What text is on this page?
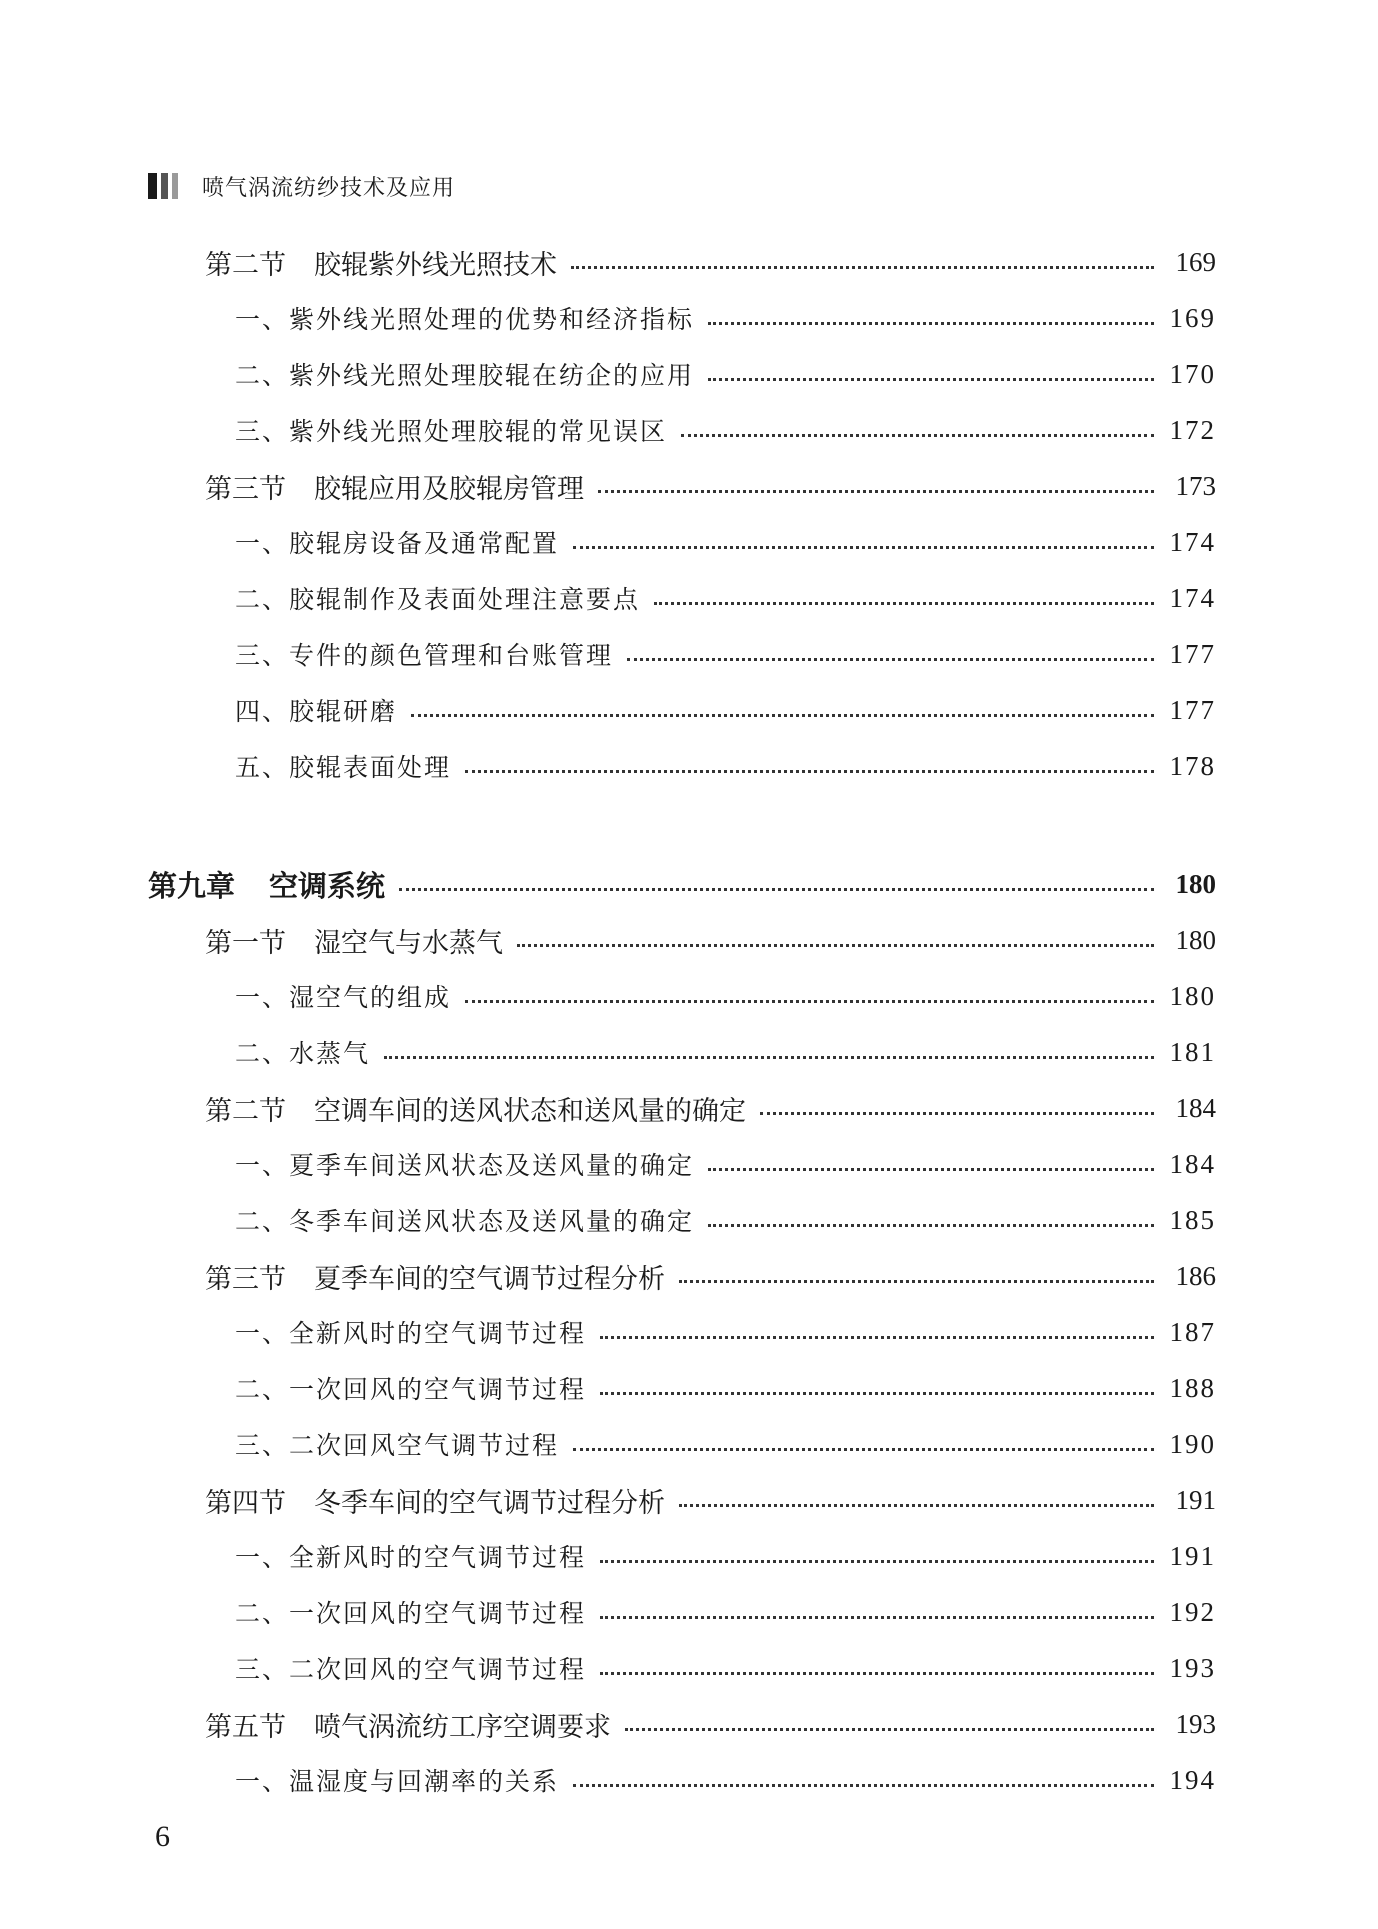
喷气涡流纺纱技术及应用
第二节 胶辊紫外线光照技术	169
一、紫外线光照处理的优势和经济指标	169
二、紫外线光照处理胶辊在纺企的应用	170
三、紫外线光照处理胶辊的常见误区	172
第三节 胶辊应用及胶辊房管理	173
一、胶辊房设备及通常配置	174
二、胶辊制作及表面处理注意要点	174
三、专件的颜色管理和台账管理	177
四、胶辊研磨	177
五、胶辊表面处理	178
第九章 空调系统	180
第一节 湿空气与水蒸气	180
一、湿空气的组成	180
二、水蒸气	181
第二节 空调车间的送风状态和送风量的确定	184
一、夏季车间送风状态及送风量的确定	184
二、冬季车间送风状态及送风量的确定	185
第三节 夏季车间的空气调节过程分析	186
一、全新风时的空气调节过程	187
二、一次回风的空气调节过程	188
三、二次回风空气调节过程	190
第四节 冬季车间的空气调节过程分析	191
一、全新风时的空气调节过程	191
二、一次回风的空气调节过程	192
三、二次回风的空气调节过程	193
第五节 喷气涡流纺工序空调要求	193
一、温湿度与回潮率的关系	194
6
